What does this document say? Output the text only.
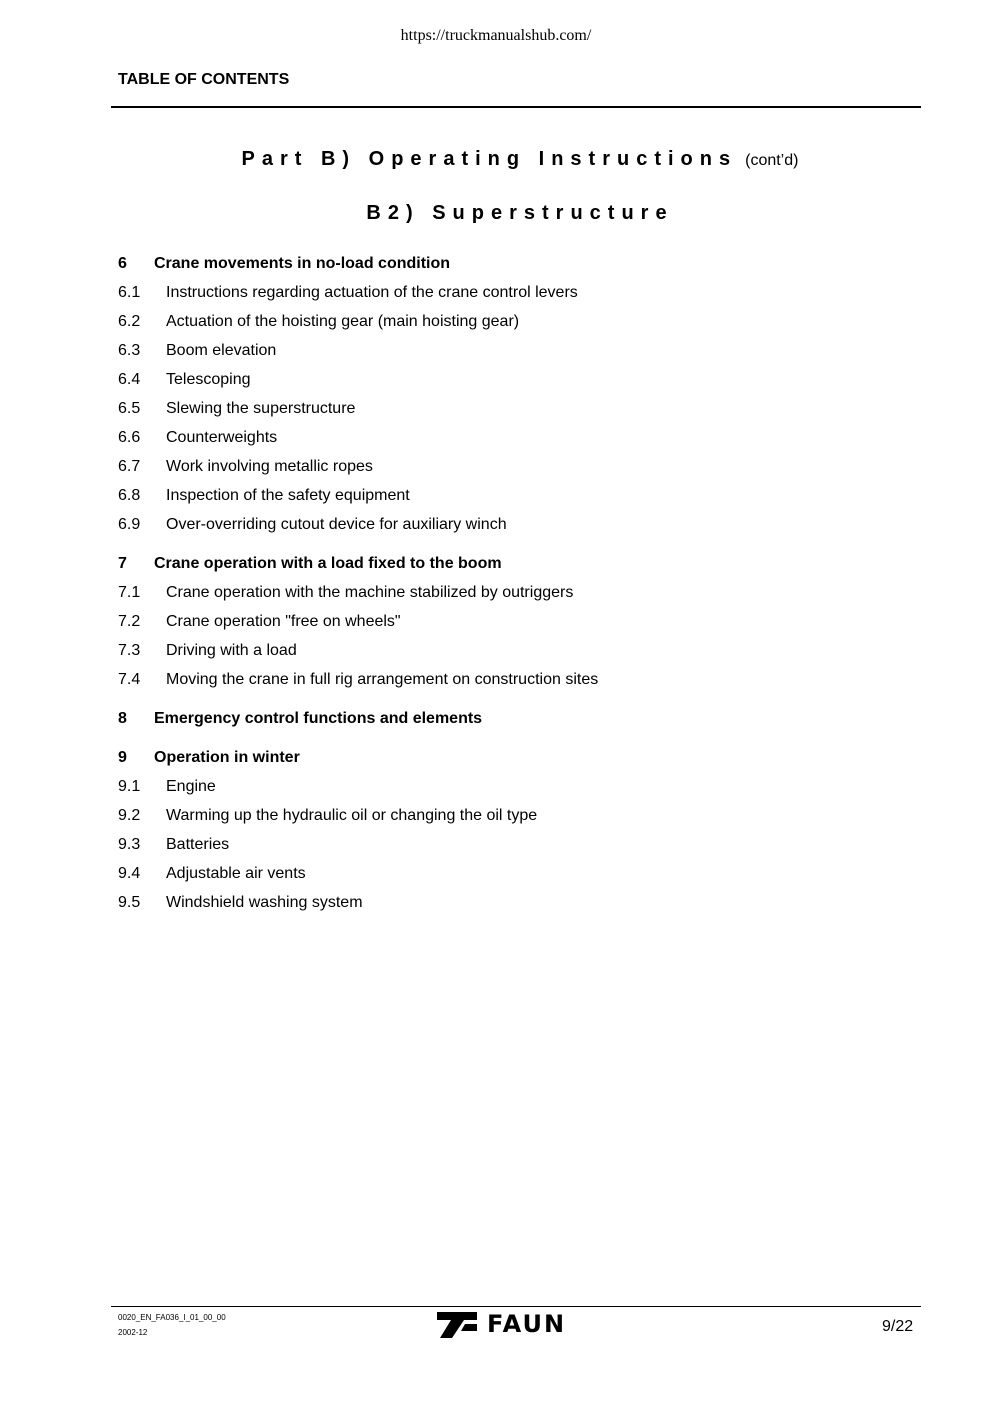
https://truckmanualshub.com/
TABLE OF CONTENTS
Part B) Operating Instructions (cont’d)
B2) Superstructure
6 Crane movements in no-load condition
6.1 Instructions regarding actuation of the crane control levers
6.2 Actuation of the hoisting gear (main hoisting gear)
6.3 Boom elevation
6.4 Telescoping
6.5 Slewing the superstructure
6.6 Counterweights
6.7 Work involving metallic ropes
6.8 Inspection of the safety equipment
6.9 Over-overriding cutout device for auxiliary winch
7 Crane operation with a load fixed to the boom
7.1 Crane operation with the machine stabilized by outriggers
7.2 Crane operation "free on wheels"
7.3 Driving with a load
7.4 Moving the crane in full rig arrangement on construction sites
8 Emergency control functions and elements
9 Operation in winter
9.1 Engine
9.2 Warming up the hydraulic oil or changing the oil type
9.3 Batteries
9.4 Adjustable air vents
9.5 Windshield washing system
0020_EN_FA036_I_01_00_00
2002-12	FAUN	9/22
